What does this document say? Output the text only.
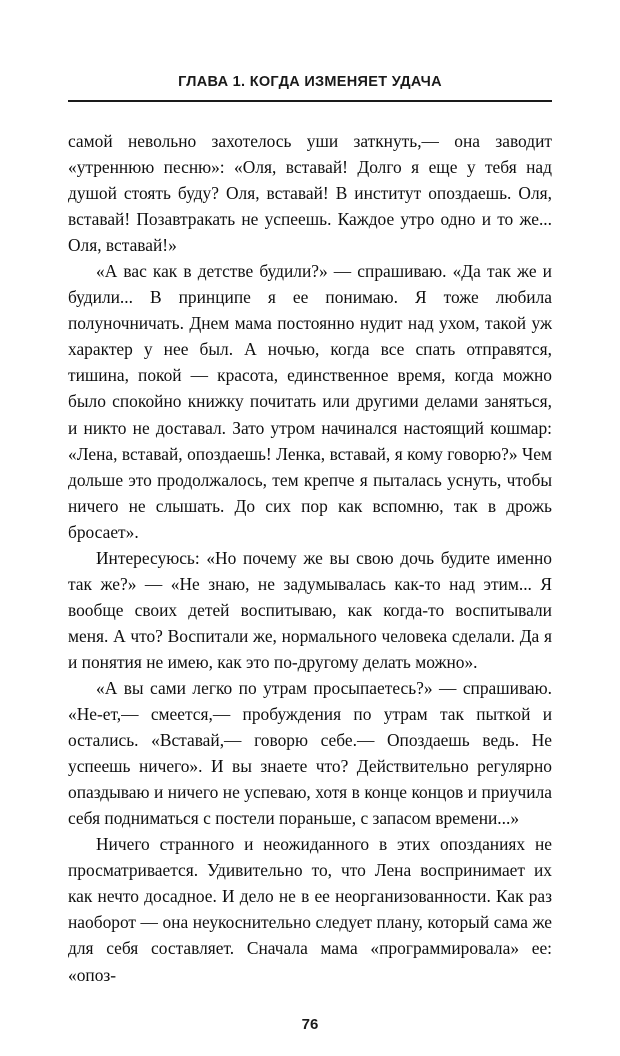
ГЛАВА 1. КОГДА ИЗМЕНЯЕТ УДАЧА

самой невольно захотелось уши заткнуть,— она заводит «утреннюю песню»: «Оля, вставай! Долго я еще у тебя над душой стоять буду? Оля, вставай! В институт опоздаешь. Оля, вставай! Позавтракать не успеешь. Каждое утро одно и то же... Оля, вставай!»

«А вас как в детстве будили?» — спрашиваю. «Да так же и будили... В принципе я ее понимаю. Я тоже любила полуночничать. Днем мама постоянно нудит над ухом, такой уж характер у нее был. А ночью, когда все спать отправятся, тишина, покой — красота, единственное время, когда можно было спокойно книжку почитать или другими делами заняться, и никто не доставал. Зато утром начинался настоящий кошмар: «Лена, вставай, опоздаешь! Ленка, вставай, я кому говорю?» Чем дольше это продолжалось, тем крепче я пыталась уснуть, чтобы ничего не слышать. До сих пор как вспомню, так в дрожь бросает».

Интересуюсь: «Но почему же вы свою дочь будите именно так же?» — «Не знаю, не задумывалась как-то над этим... Я вообще своих детей воспитываю, как когда-то воспитывали меня. А что? Воспитали же, нормального человека сделали. Да я и понятия не имею, как это по-другому делать можно».

«А вы сами легко по утрам просыпаетесь?» — спрашиваю. «Не-ет,— смеется,— пробуждения по утрам так пыткой и остались. «Вставай,— говорю себе.— Опоздаешь ведь. Не успеешь ничего». И вы знаете что? Действительно регулярно опаздываю и ничего не успеваю, хотя в конце концов и приучила себя подниматься с постели пораньше, с запасом времени...»

Ничего странного и неожиданного в этих опозданиях не просматривается. Удивительно то, что Лена воспринимает их как нечто досадное. И дело не в ее неорганизованности. Как раз наоборот — она неукоснительно следует плану, который сама же для себя составляет. Сначала мама «программировала» ее: «опоз-

76
